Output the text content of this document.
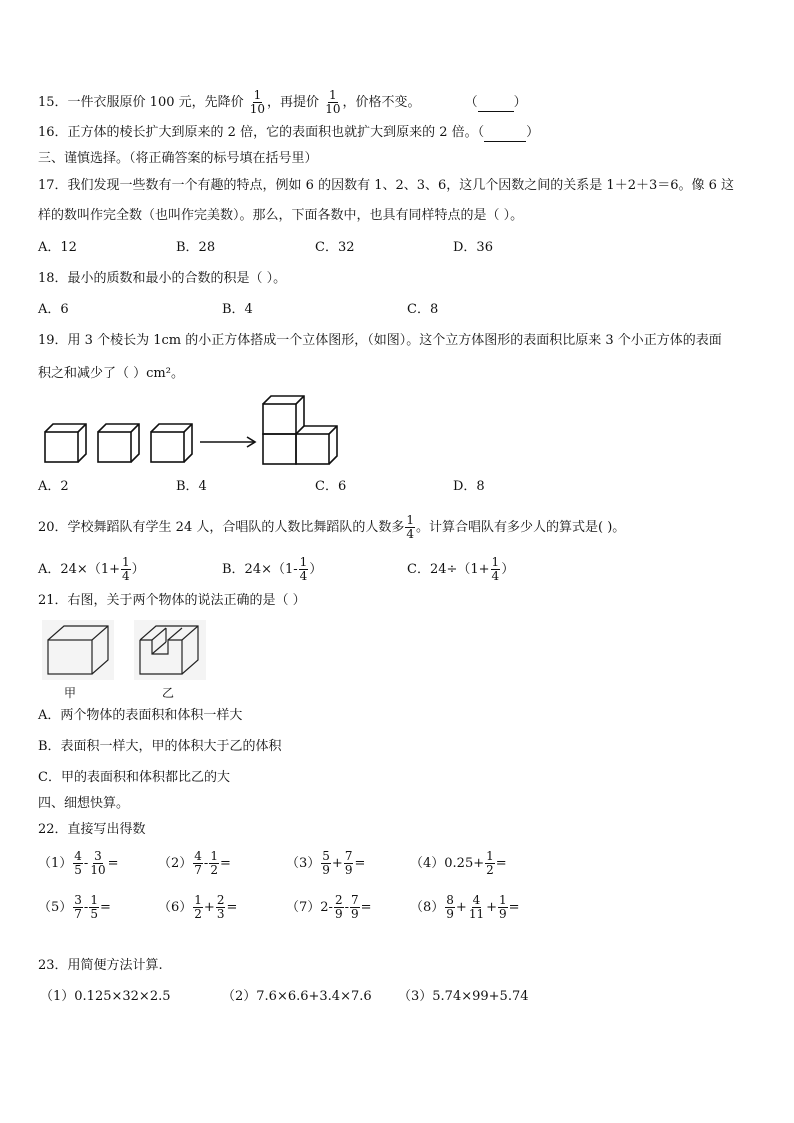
15．一件衣服原价 100 元，先降价 $\frac{1}{10}$ ，再提价 $\frac{1}{10}$ ，价格不变。	（	）
16．正方体的棱长扩大到原来的 2 倍，它的表面积也就扩大到原来的 2 倍。（	）
三、谨慎选择。（将正确答案的标号填在括号里）
17．我们发现一些数有一个有趣的特点，例如 6 的因数有 1、2、3、6，这几个因数之间的关系是 1＋2＋3＝6。像 6 这
样的数叫作完全数（也叫作完美数）。那么，下面各数中，也具有同样特点的是（ ）。
A．12	B．28	C．32	D．36
18．最小的质数和最小的合数的积是（ ）。
A．6	B．4	C．8
19．用 3 个棱长为 1cm 的小正方体搭成一个立体图形，（如图）。这个立方体图形的表面积比原来 3 个小正方体的表面
积之和减少了（ ）cm²。
A．2	B．4	C．6	D．8
20．学校舞蹈队有学生 24 人，合唱队的人数比舞蹈队的人数多 $\frac{1}{4}$ 。计算合唱队有多少人的算式是( )。
A．$24\times(1+ \frac{1}{4}$ ）	B．$24\times(1- \frac{1}{4}$ ）	C．$24\div(1+ \frac{1}{4}$ ）
21．右图，关于两个物体的说法正确的是（ ）
甲	乙
A．两个物体的表面积和体积一样大
B．表面积一样大，甲的体积大于乙的体积
C．甲的表面积和体积都比乙的大
四、细想快算。
22．直接写出得数
$(1) \frac{4}{5} - \frac{3}{10}$ =	$(2) \frac{4}{7} - \frac{1}{2}$ =	$(3) \frac{5}{9} + \frac{7}{9}$ =	$(4)0.25+ \frac{1}{2}$ =
$(5) \frac{3}{7} - \frac{1}{5}$ =	$(6) \frac{1}{2} + \frac{2}{3}$ =	$(7)2- \frac{2}{9} - \frac{7}{9}$ =	$(8) \frac{8}{9} + \frac{4}{11} + \frac{1}{9}$ =
23．用简便方法计算.
（1）0.125×32×2.5	（2）7.6×6.6+3.4×7.6 （3）5.74×99+5.74
